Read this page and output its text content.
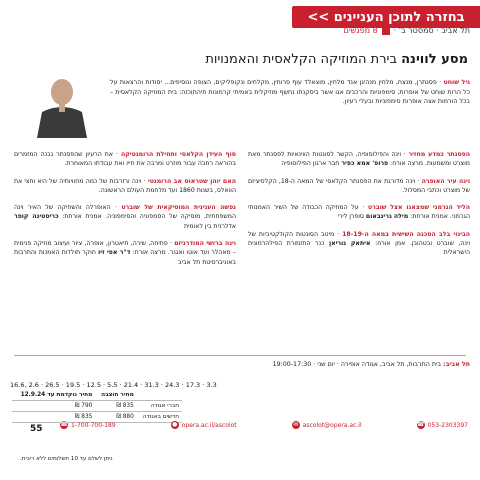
בחזרה לתוכן העניינים >>
תל אביב · סמסטר ב' ·
8 מפגשים
מסע לווינה בירת המוזיקה הקלאסית והאמנויות
גיל שוחט · פסנתרן, מנצח, מלחין מנהיגן אנד מלחין, מוצאלד עוף פרוחין, מקלחים ונקופליקים, הצופה ונוסיפים... יסודות והרצאות על כל הרות שוחט של אופרות, סימפוניות והרכבים אגו אשר ביסקנתו נחשף מוזיקלית באמיתי קרמונות תיהתוכזה: בית המוזיקה הקלאסית – בכל הורמות אצה אופרות סימפוניות ובעלי רעיון.
הפסנתר כמדע מחזיר · וינה והפילוסופיה, הקשר לסונטות הווינאיות לפסנתר מאת מוצרט ומשמעות. מרצה אורח: פרופ' אמא כפיר חבר ארגון הפילוסופיה
וינה עיר האופרה · וינה מדורגת את הפסנתר הקלאסי של המאה ה-18, הקלסיציזם של מוצרט וכתבי המסלול.
הליד הגרמני שמצאנו אצל שוברט · על המוזיקה הכבודה של השיר האמנותי הגרמני. אמנית אורחת: מילה גרינבאום סופרן לירי
הבינוי בלב הסכנה השישית במאה ה-18-19 · מיטב הסונטות הקולקטיביות של וינה, שוברט ובטהובן. אמן אורח: איתאק נוריאן כנר התזמורת הפילהרמונית הישראלית
סוף העידן הקלאסי ותחילת הרומנטיקה · את הרעיון שהפסנתר נבנה המזמרים בהוראה רחבה עבור מוזרט ומרבה את חייו ואת עבודתו המאוחרת.
האם יוהן שטראוס אב הרומנטי · וינה ורזרבות של כמה מחוויותיה של היא וחצי את הוואלס, בשנות 1860 ועד מלחמת העולם הראשונה.
נפשה העגינית המוסיקאית של שוברט · האופרלה והשחיקה של האיר וינה המשפחתית, מוסיקה של הסמפוניה והסימפוניה. אמנית אורחת: כריסטינה קופר אדלרנית בין לאומית
וינה ברושי המודרניזם · פתיחה, שירה, תיאטרון, אופרה, ציור ועיצוב מוזיקה פנימית – מאהלר ועד אוטו ואגנר. מרצה אורח: ד"ר אפי זיו חוקר תולדות האמנות והתרבות באוניברסיטת תל אביב
תל אביב: בית התרבות, תל אביב, אגודה אופירה · יום שני · 19:00-17:30
16.6, 2.6 · 26.5 · 19.5 · 12.5 · 5.5 · 21.4 · 31.3 · 24.3 · 17.3 · 3.3
	מחיר חוצבה	מחיר נוקדמת עד 12.9.24
חברי אגודה	835 ₪	790 ₪
חדשים באגודה	880 ₪	835 ₪
ניתן לשלם עד 10 תשלומים ללא ריבית.
55	☎ 1-700-700-189	● opera.ac.il/ascolot	✉ ascolot@opera.ac.il	☎ 053-2303397
